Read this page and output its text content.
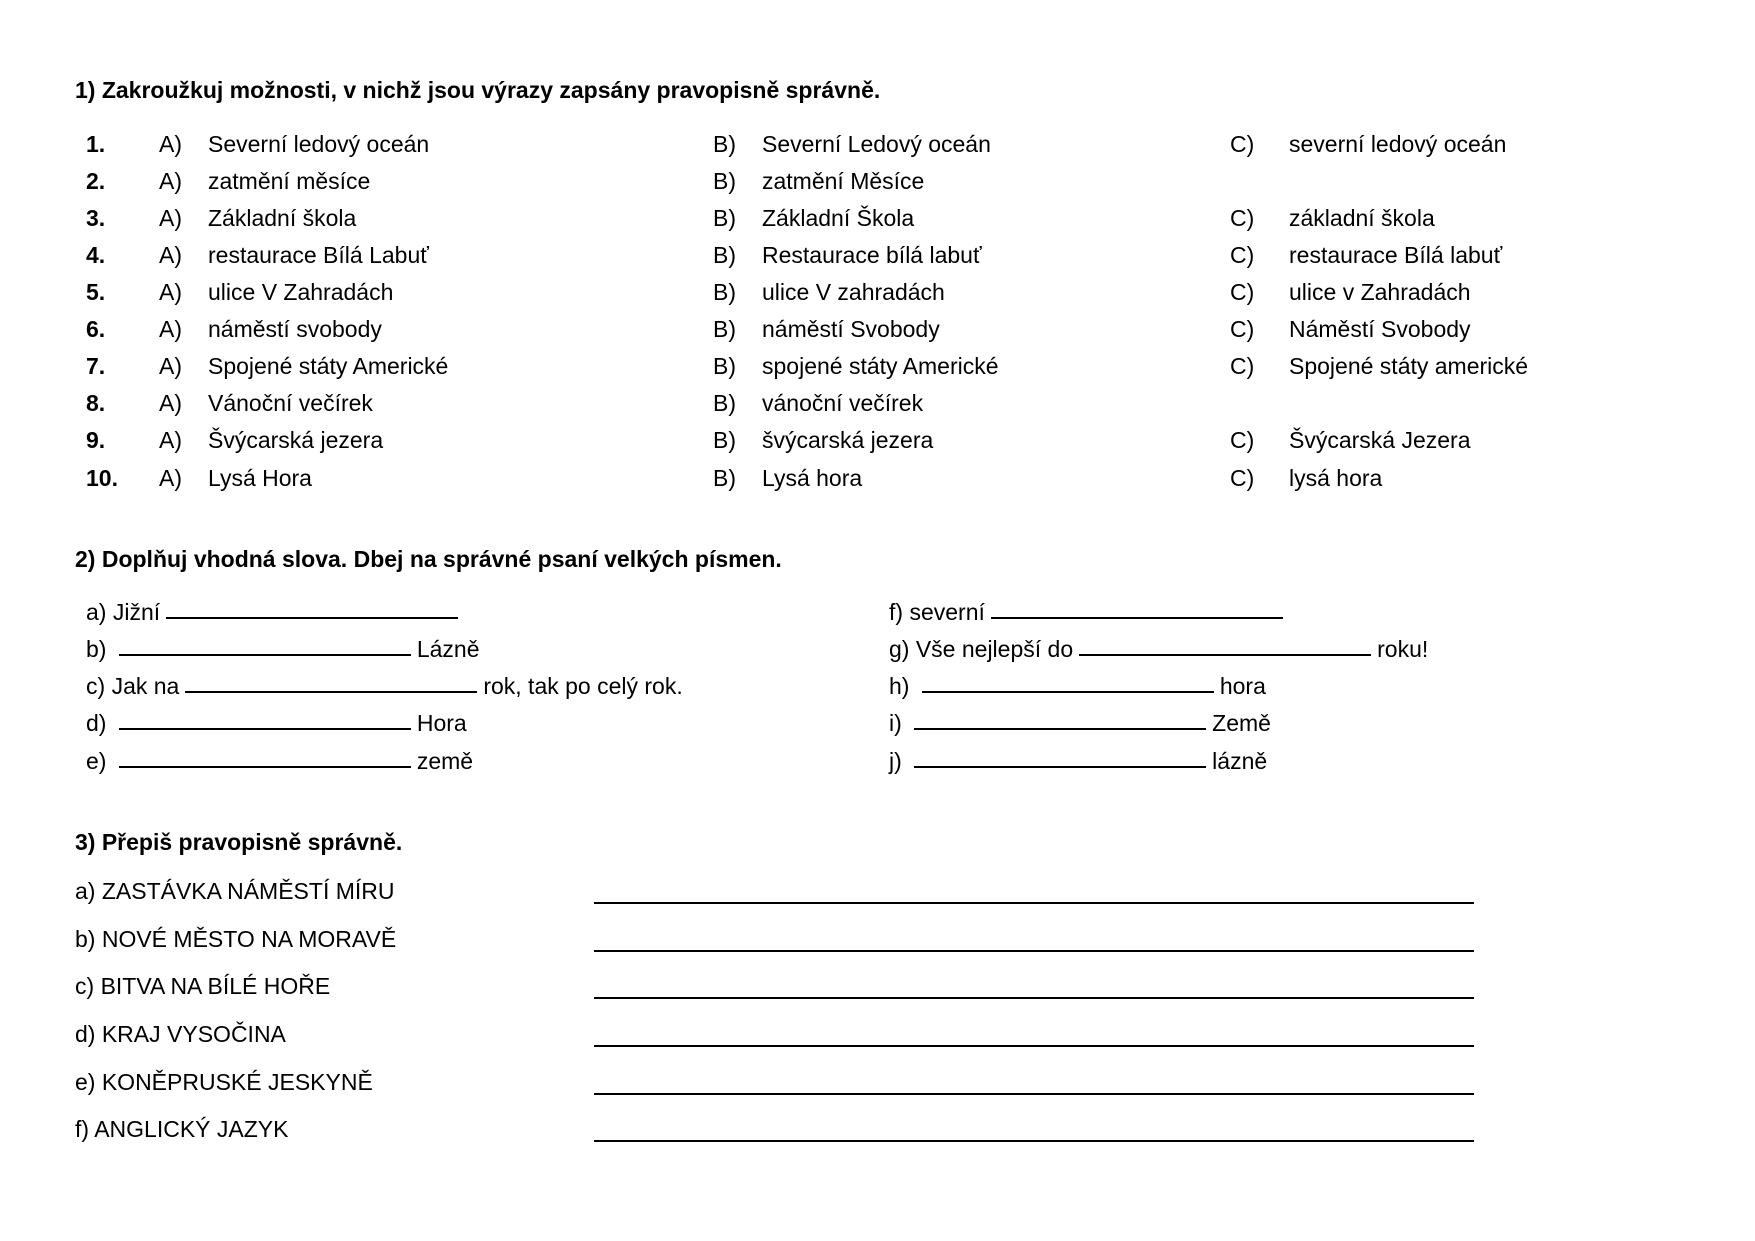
1) Zakroužkuj možnosti, v nichž jsou výrazy zapsány pravopisně správně.
1. A) Severní ledový oceán	B) Severní Ledový oceán	C) severní ledový oceán
2. A) zatmění měsíce	B) zatmění Měsíce
3. A) Základní škola	B) Základní Škola	C) základní škola
4. A) restaurace Bílá Labuť	B) Restaurace bílá labuť	C) restaurace Bílá labuť
5. A) ulice V Zahradách	B) ulice V zahradách	C) ulice v Zahradách
6. A) náměstí svobody	B) náměstí Svobody	C) Náměstí Svobody
7. A) Spojené státy Americké	B) spojené státy Americké	C) Spojené státy americké
8. A) Vánoční večírek	B) vánoční večírek
9. A) Švýcarská jezera	B) švýcarská jezera	C) Švýcarská Jezera
10. A) Lysá Hora	B) Lysá hora	C) lysá hora
2) Doplňuj vhodná slova. Dbej na správné psaní velkých písmen.
a) Jižní
b)	Lázně
c) Jak na	rok, tak po celý rok.
d)	Hora
e)	země
f) severní
g) Vše nejlepší do	roku!
h)	hora
i)	Země
j)	lázně
3) Přepiš pravopisně správně.
a) ZASTÁVKA NÁMĚSTÍ MÍRU
b) NOVÉ MĚSTO NA MORAVĚ
c) BITVA NA BÍLÉ HOŘE
d) KRAJ VYSOČINA
e) KONĚPRUSKÉ JESKYNĚ
f) ANGLICKÝ JAZYK
